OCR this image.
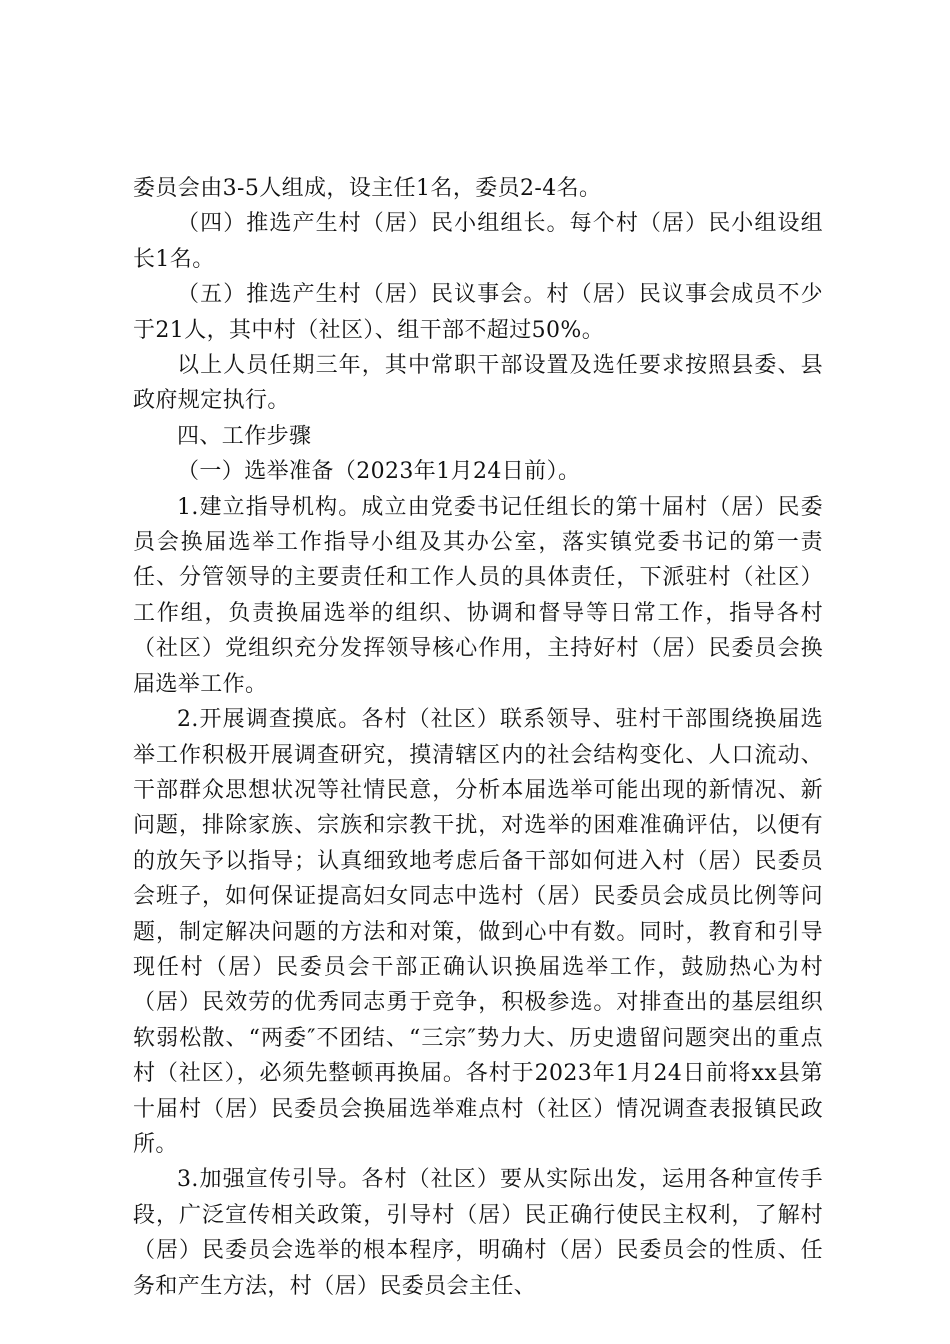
委员会由3-5人组成，设主任1名，委员2-4名。

（四）推选产生村（居）民小组组长。每个村（居）民小组设组长1名。

（五）推选产生村（居）民议事会。村（居）民议事会成员不少于21人，其中村（社区）、组干部不超过50%。

以上人员任期三年，其中常职干部设置及选任要求按照县委、县政府规定执行。

四、工作步骤

（一）选举准备（2023年1月24日前）。

1.建立指导机构。成立由党委书记任组长的第十届村（居）民委员会换届选举工作指导小组及其办公室，落实镇党委书记的第一责任、分管领导的主要责任和工作人员的具体责任，下派驻村（社区）工作组，负责换届选举的组织、协调和督导等日常工作，指导各村（社区）党组织充分发挥领导核心作用，主持好村（居）民委员会换届选举工作。

2.开展调查摸底。各村（社区）联系领导、驻村干部围绕换届选举工作积极开展调查研究，摸清辖区内的社会结构变化、人口流动、干部群众思想状况等社情民意，分析本届选举可能出现的新情况、新问题，排除家族、宗族和宗教干扰，对选举的困难准确评估，以便有的放矢予以指导；认真细致地考虑后备干部如何进入村（居）民委员会班子，如何保证提高妇女同志中选村（居）民委员会成员比例等问题，制定解决问题的方法和对策，做到心中有数。同时，教育和引导现任村（居）民委员会干部正确认识换届选举工作，鼓励热心为村（居）民效劳的优秀同志勇于竞争，积极参选。对排查出的基层组织软弱松散、“两委″不团结、“三宗″势力大、历史遗留问题突出的重点村（社区），必须先整顿再换届。各村于2023年1月24日前将xx县第十届村（居）民委员会换届选举难点村（社区）情况调查表报镇民政所。

3.加强宣传引导。各村（社区）要从实际出发，运用各种宣传手段，广泛宣传相关政策，引导村（居）民正确行使民主权利，了解村（居）民委员会选举的根本程序，明确村（居）民委员会的性质、任务和产生方法，村（居）民委员会主任、
